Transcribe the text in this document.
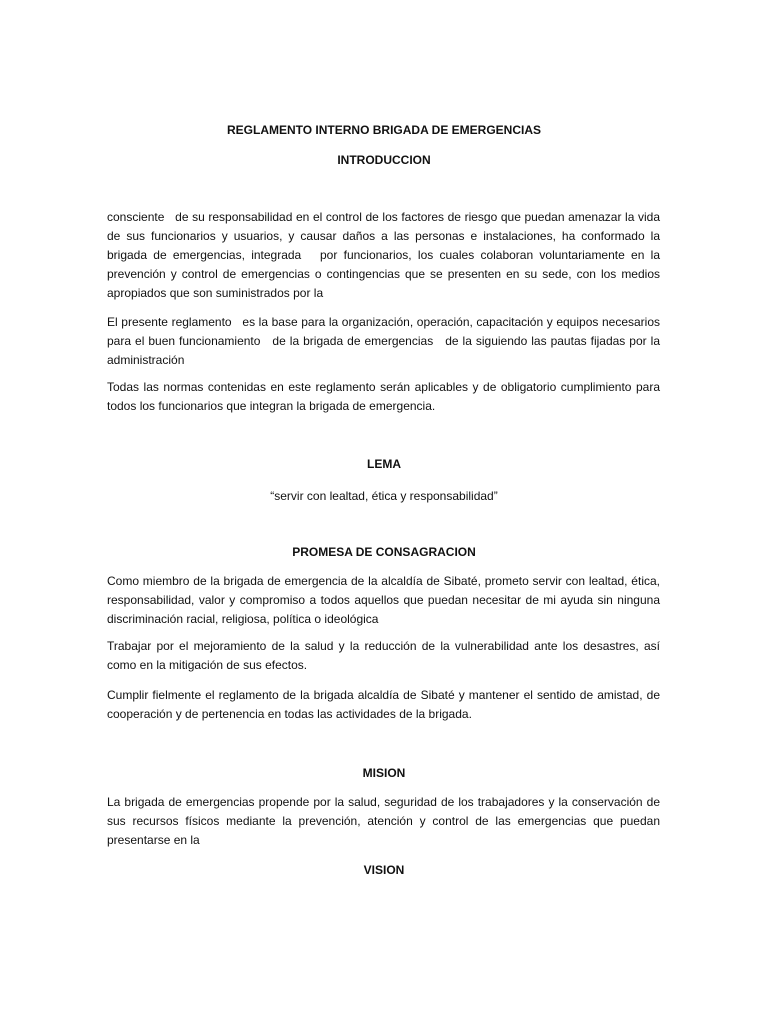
REGLAMENTO INTERNO BRIGADA DE EMERGENCIAS
INTRODUCCION
consciente   de su responsabilidad en el control de los factores de riesgo que puedan amenazar la vida de sus funcionarios y usuarios, y causar daños a las personas e instalaciones, ha conformado la brigada de emergencias, integrada   por funcionarios, los cuales colaboran voluntariamente en la prevención y control de emergencias o contingencias que se presenten en su sede, con los medios apropiados que son suministrados por la
El presente reglamento   es la base para la organización, operación, capacitación y equipos necesarios para el buen funcionamiento   de la brigada de emergencias   de la siguiendo las pautas fijadas por la administración
Todas las normas contenidas en este reglamento serán aplicables y de obligatorio cumplimiento para todos los funcionarios que integran la brigada de emergencia.
LEMA
“servir con lealtad, ética y responsabilidad”
PROMESA DE CONSAGRACION
Como miembro de la brigada de emergencia de la alcaldía de Sibaté, prometo servir con lealtad, ética, responsabilidad, valor y compromiso a todos aquellos que puedan necesitar de mi ayuda sin ninguna discriminación racial, religiosa, política o ideológica
Trabajar por el mejoramiento de la salud y la reducción de la vulnerabilidad ante los desastres, así como en la mitigación de sus efectos.
Cumplir fielmente el reglamento de la brigada alcaldía de Sibaté y mantener el sentido de amistad, de cooperación y de pertenencia en todas las actividades de la brigada.
MISION
La brigada de emergencias propende por la salud, seguridad de los trabajadores y la conservación de sus recursos físicos mediante la prevención, atención y control de las emergencias que puedan presentarse en la
VISION
